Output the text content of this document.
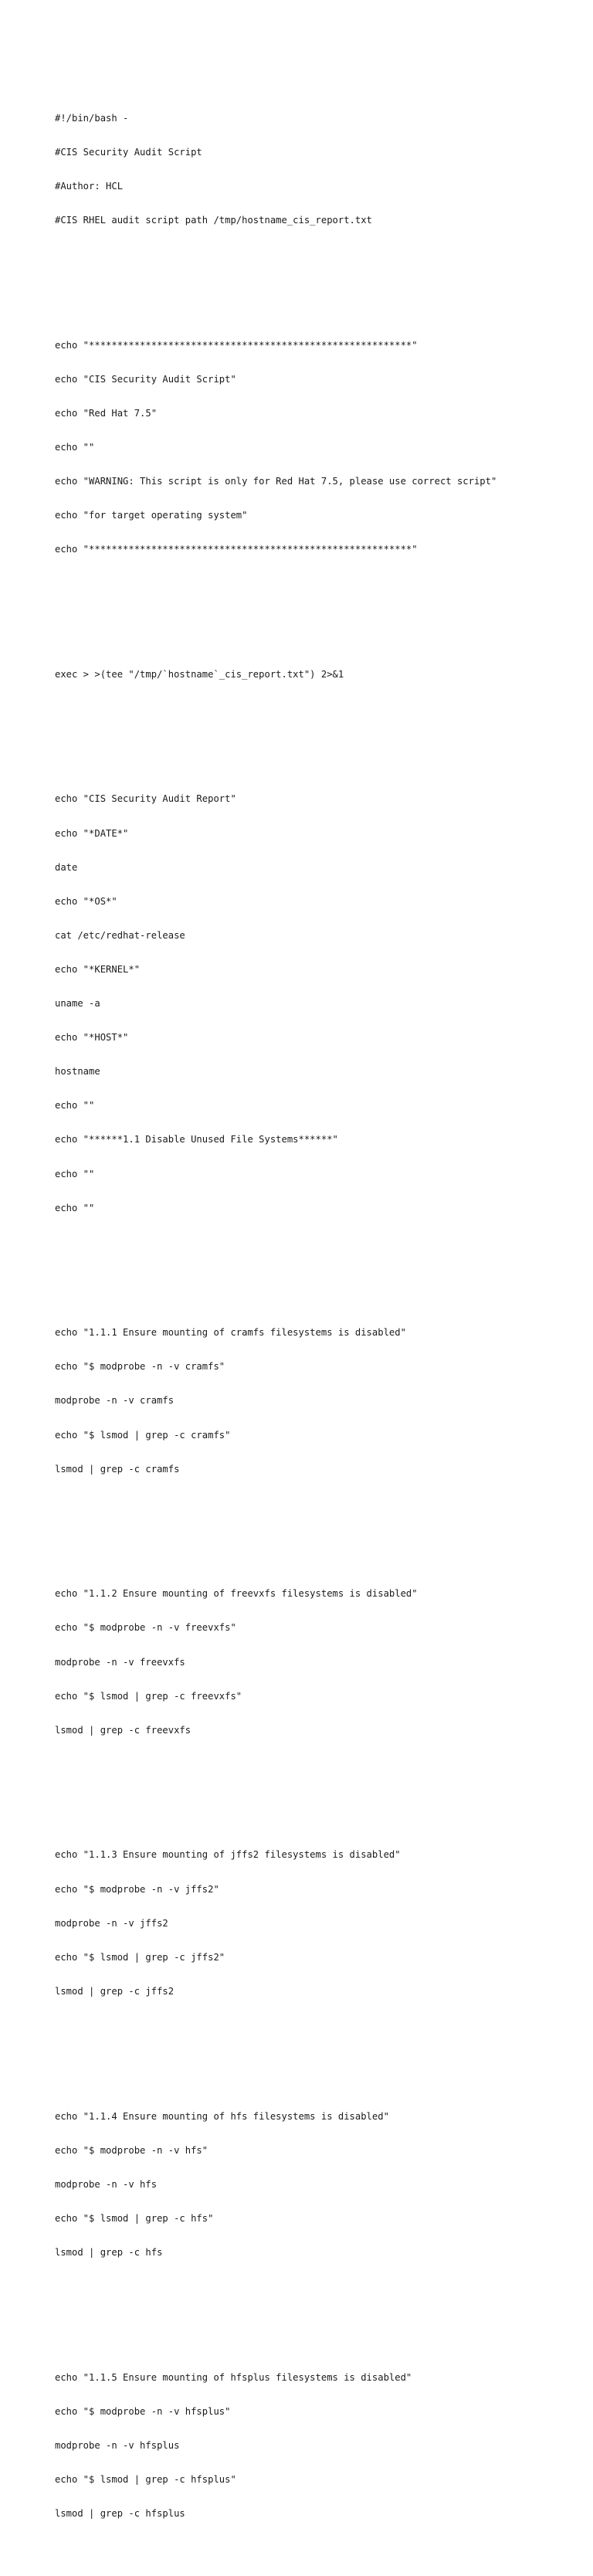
#!/bin/bash -

#CIS Security Audit Script

#Author: HCL

#CIS RHEL audit script path /tmp/hostname_cis_report.txt

echo "*********************************************************"

echo "CIS Security Audit Script"

echo "Red Hat 7.5"

echo ""

echo "WARNING: This script is only for Red Hat 7.5, please use correct script"

echo "for target operating system"

echo "*********************************************************"

exec > >(tee "/tmp/`hostname`_cis_report.txt") 2>&1

echo "CIS Security Audit Report"

echo "*DATE*"

date

echo "*OS*"

cat /etc/redhat-release

echo "*KERNEL*"

uname -a

echo "*HOST*"

hostname

echo ""

echo "******1.1 Disable Unused File Systems******"

echo ""

echo ""

echo "1.1.1 Ensure mounting of cramfs filesystems is disabled"

echo "$ modprobe -n -v cramfs"

modprobe -n -v cramfs

echo "$ lsmod | grep -c cramfs"

lsmod | grep -c cramfs

echo "1.1.2 Ensure mounting of freevxfs filesystems is disabled"

echo "$ modprobe -n -v freevxfs"

modprobe -n -v freevxfs

echo "$ lsmod | grep -c freevxfs"

lsmod | grep -c freevxfs

echo "1.1.3 Ensure mounting of jffs2 filesystems is disabled"

echo "$ modprobe -n -v jffs2"

modprobe -n -v jffs2

echo "$ lsmod | grep -c jffs2"

lsmod | grep -c jffs2

echo "1.1.4 Ensure mounting of hfs filesystems is disabled"

echo "$ modprobe -n -v hfs"

modprobe -n -v hfs

echo "$ lsmod | grep -c hfs"

lsmod | grep -c hfs

echo "1.1.5 Ensure mounting of hfsplus filesystems is disabled"

echo "$ modprobe -n -v hfsplus"

modprobe -n -v hfsplus

echo "$ lsmod | grep -c hfsplus"

lsmod | grep -c hfsplus
